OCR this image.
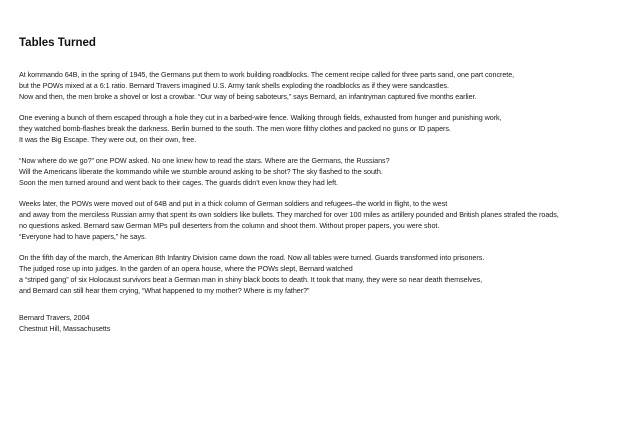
Tables Turned
At kommando 64B, in the spring of 1945, the Germans put them to work building roadblocks. The cement recipe called for three parts sand, one part concrete,
but the POWs mixed at a 6:1 ratio. Bernard Travers imagined U.S. Army tank shells exploding the roadblocks as if they were sandcastles.
Now and then, the men broke a shovel or lost a crowbar. “Our way of being saboteurs,” says Bernard, an infantryman captured five months earlier.
One evening a bunch of them escaped through a hole they cut in a barbed-wire fence. Walking through fields, exhausted from hunger and punishing work,
they watched bomb-flashes break the darkness. Berlin burned to the south. The men wore filthy clothes and packed no guns or ID papers.
It was the Big Escape. They were out, on their own, free.
“Now where do we go?” one POW asked. No one knew how to read the stars. Where are the Germans, the Russians?
Will the Americans liberate the kommando while we stumble around asking to be shot? The sky flashed to the south.
Soon the men turned around and went back to their cages. The guards didn’t even know they had left.
Weeks later, the POWs were moved out of 64B and put in a thick column of German soldiers and refugees–the world in flight, to the west
and away from the merciless Russian army that spent its own soldiers like bullets. They marched for over 100 miles as artillery pounded and British planes strafed the roads,
no questions asked. Bernard saw German MPs pull deserters from the column and shoot them. Without proper papers, you were shot.
“Everyone had to have papers,” he says.
On the fifth day of the march, the American 8th Infantry Division came down the road. Now all tables were turned. Guards transformed into prisoners.
The judged rose up into judges. In the garden of an opera house, where the POWs slept, Bernard watched
a “striped gang” of six Holocaust survivors beat a German man in shiny black boots to death. It took that many, they were so near death themselves,
and Bernard can still hear them crying, “What happened to my mother? Where is my father?”
Bernard Travers, 2004
Chestnut Hill, Massachusetts
